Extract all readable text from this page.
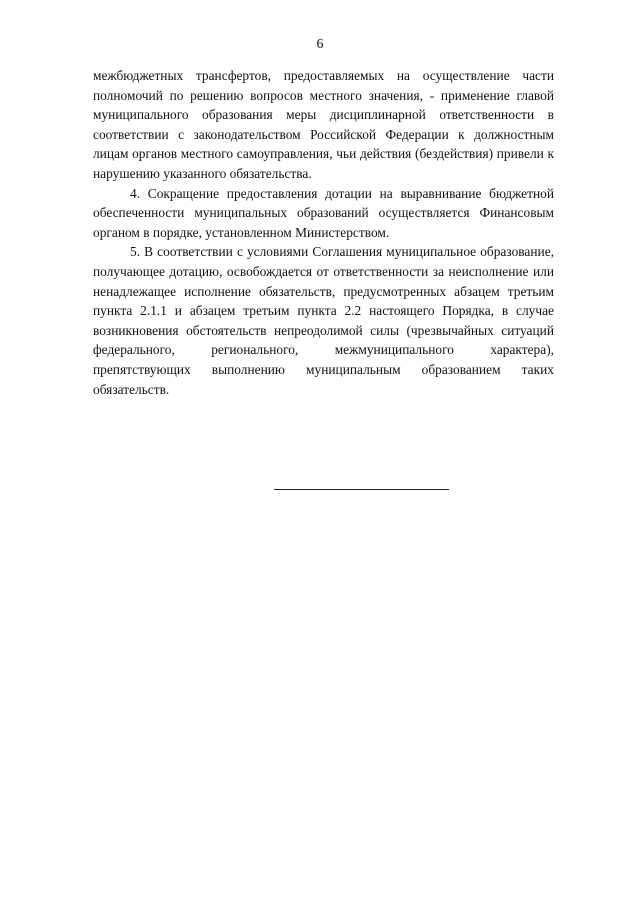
6

межбюджетных трансфертов, предоставляемых на осуществление части полномочий по решению вопросов местного значения, - применение главой муниципального образования меры дисциплинарной ответственности в соответствии с законодательством Российской Федерации к должностным лицам органов местного самоуправления, чьи действия (бездействия) привели к нарушению указанного обязательства.

4. Сокращение предоставления дотации на выравнивание бюджетной обеспеченности муниципальных образований осуществляется Финансовым органом в порядке, установленном Министерством.

5. В соответствии с условиями Соглашения муниципальное образование, получающее дотацию, освобождается от ответственности за неисполнение или ненадлежащее исполнение обязательств, предусмотренных абзацем третьим пункта 2.1.1 и абзацем третьим пункта 2.2 настоящего Порядка, в случае возникновения обстоятельств непреодолимой силы (чрезвычайных ситуаций федерального, регионального, межмуниципального характера), препятствующих выполнению муниципальным образованием таких обязательств.
